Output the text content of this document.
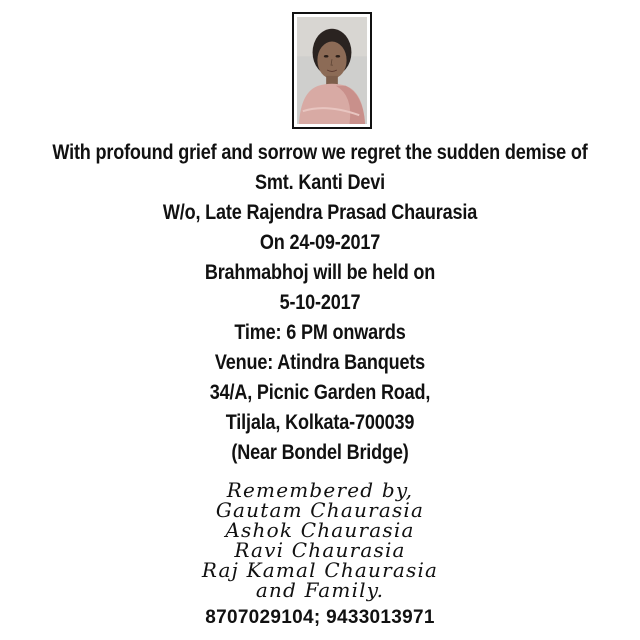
With profound grief and sorrow we regret the sudden demise of
Smt. Kanti Devi
W/o, Late Rajendra Prasad Chaurasia
On 24-09-2017
Brahmabhoj will be held on
5-10-2017
Time: 6 PM onwards
Venue: Atindra Banquets
34/A, Picnic Garden Road,
Tiljala, Kolkata-700039
(Near Bondel Bridge)
Remembered by,
Gautam Chaurasia
Ashok Chaurasia
Ravi Chaurasia
Raj Kamal Chaurasia
and Family.
8707029104; 9433013971
